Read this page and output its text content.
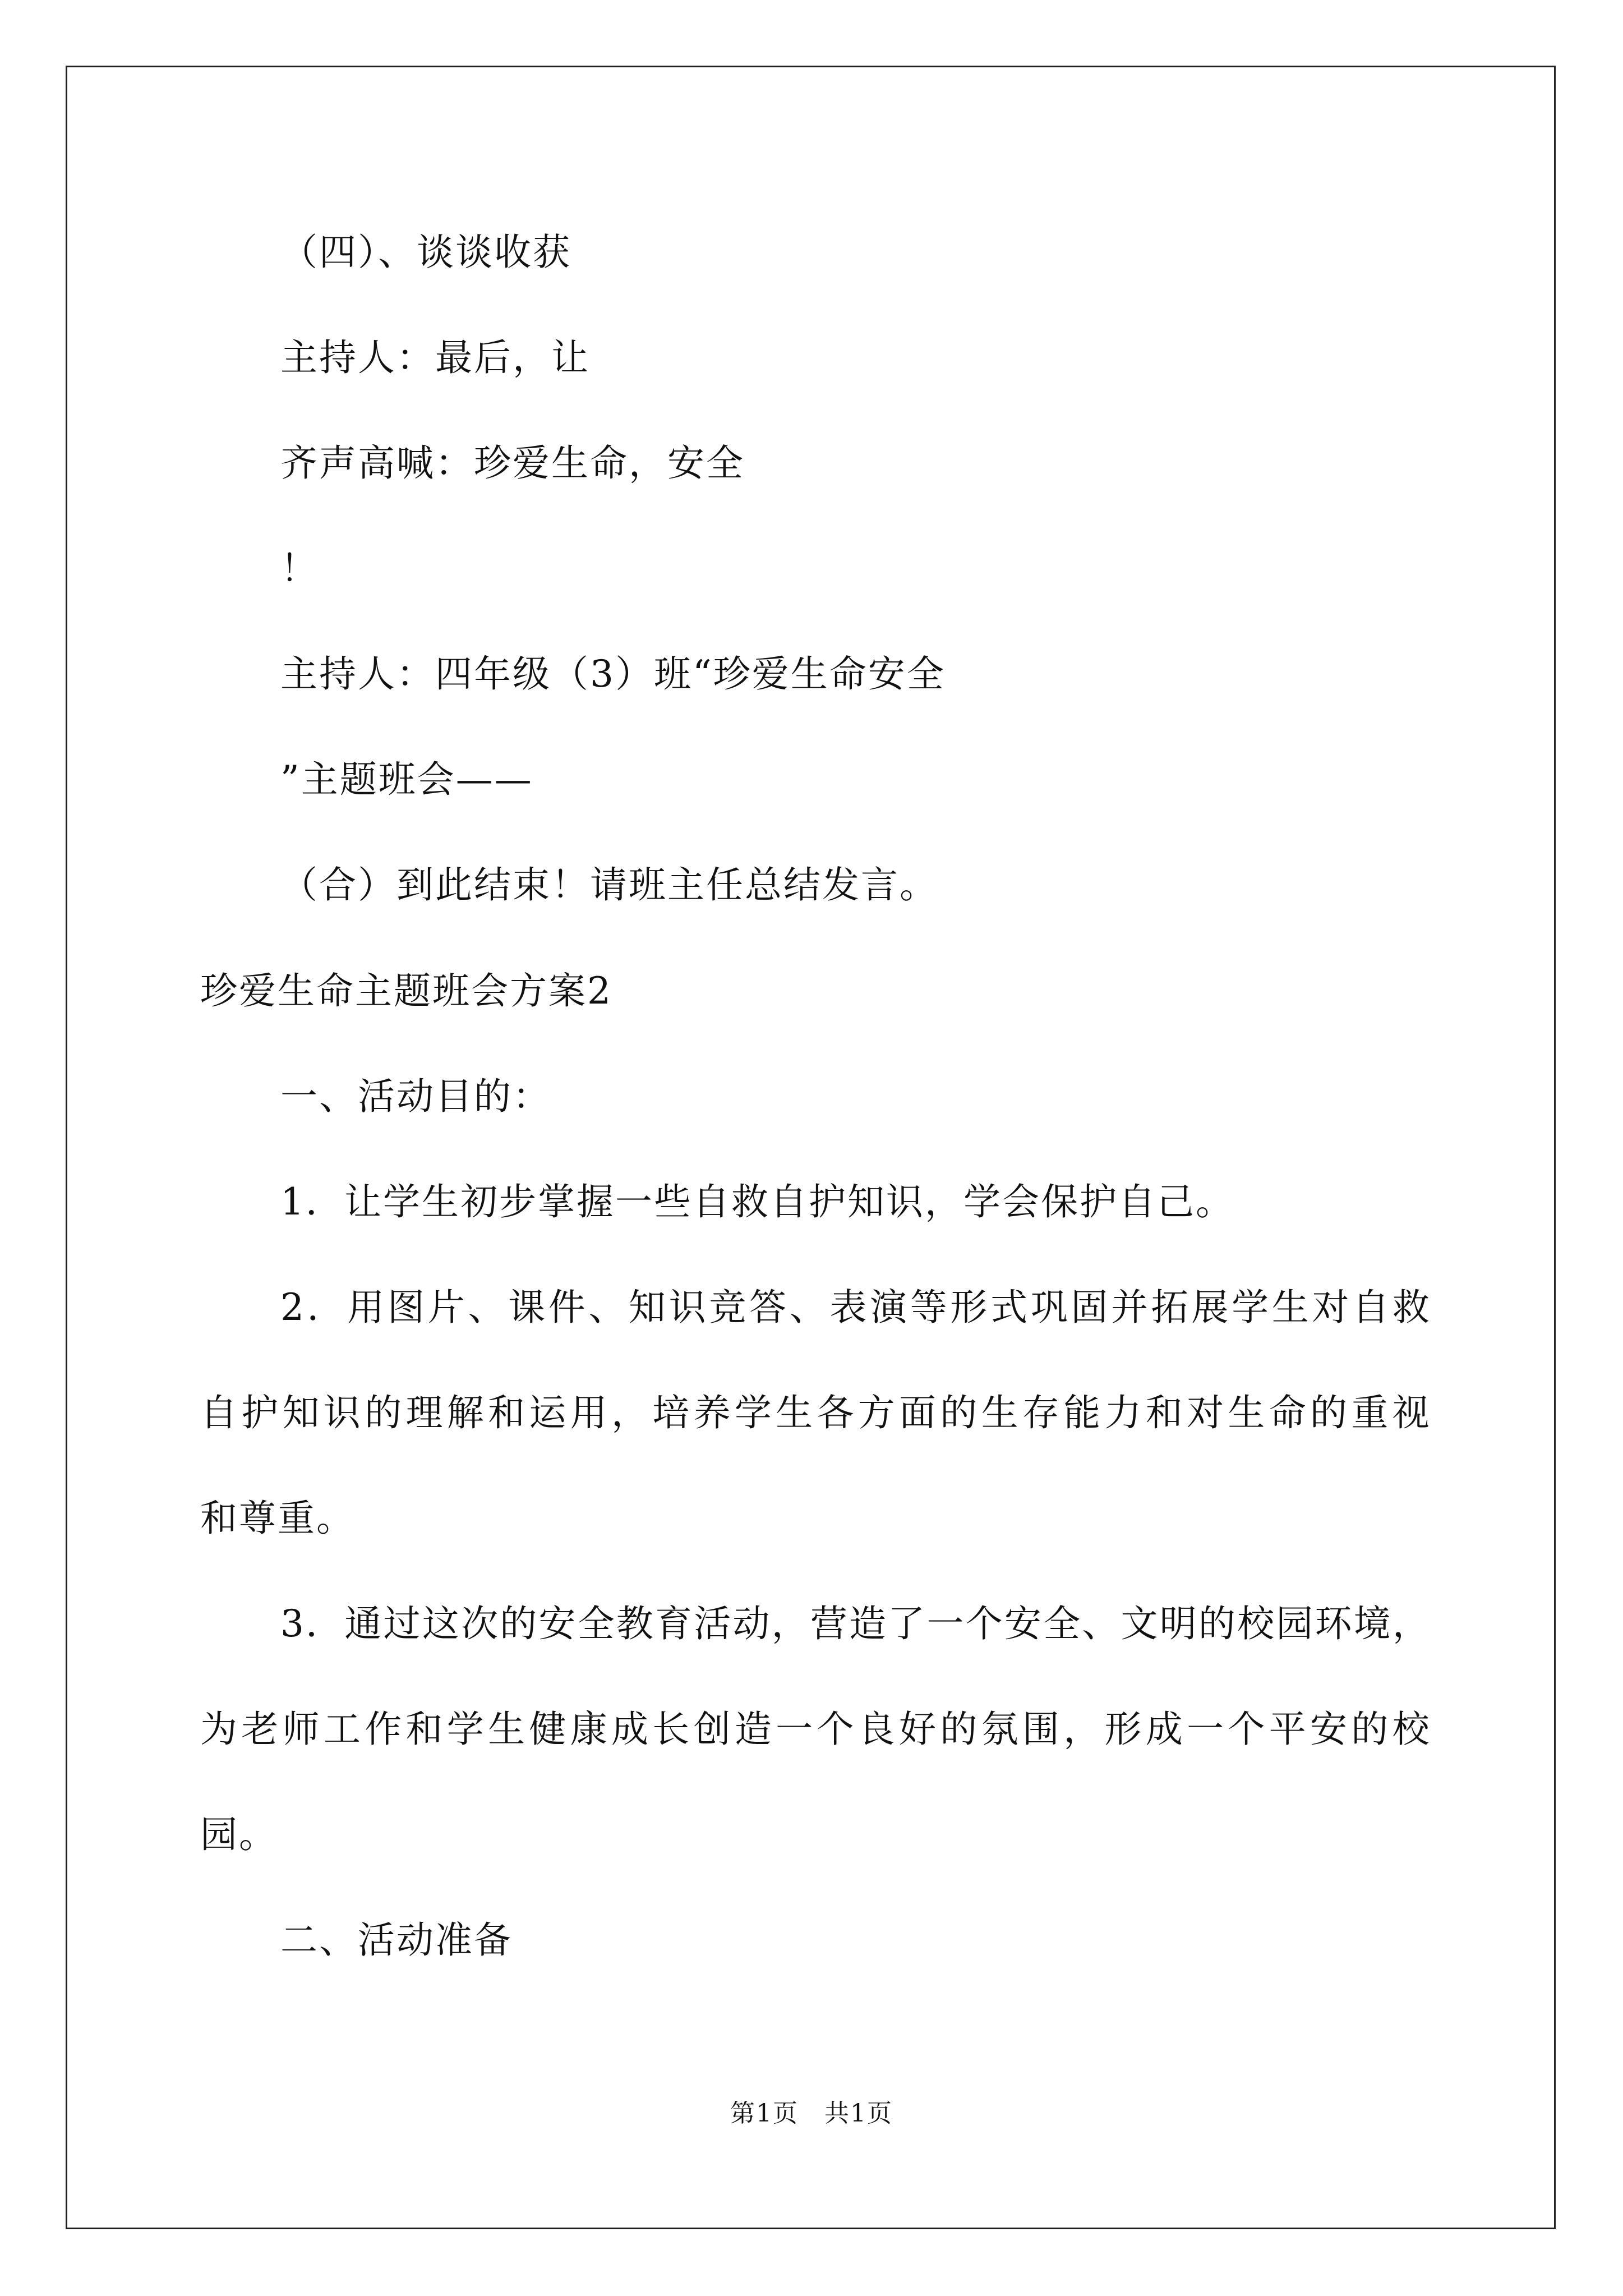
（四）、谈谈收获
主持人：最后，让
齐声高喊：珍爱生命，安全
！
主持人：四年级（3）班“珍爱生命安全
”主题班会——
（合）到此结束！请班主任总结发言。
珍爱生命主题班会方案2
一、活动目的：
1．让学生初步掌握一些自救自护知识，学会保护自己。
2 ． 用 图 片 、 课 件 、 知 识 竞 答 、 表 演 等 形 式 巩 固 并 拓 展 学 生 对 自 救
自 护 知 识 的 理 解 和 运 用 ， 培 养 学 生 各 方 面 的 生 存 能 力 和 对 生 命 的 重 视
和尊重。
3 ． 通 过 这 次 的 安 全 教 育 活 动 ， 营 造 了 一 个 安 全 、 文 明 的 校 园 环 境 ，
为 老 师 工 作 和 学 生 健 康 成 长 创 造 一 个 良 好 的 氛 围 ， 形 成 一 个 平 安 的 校
园。
二、活动准备
第1页　共1页
